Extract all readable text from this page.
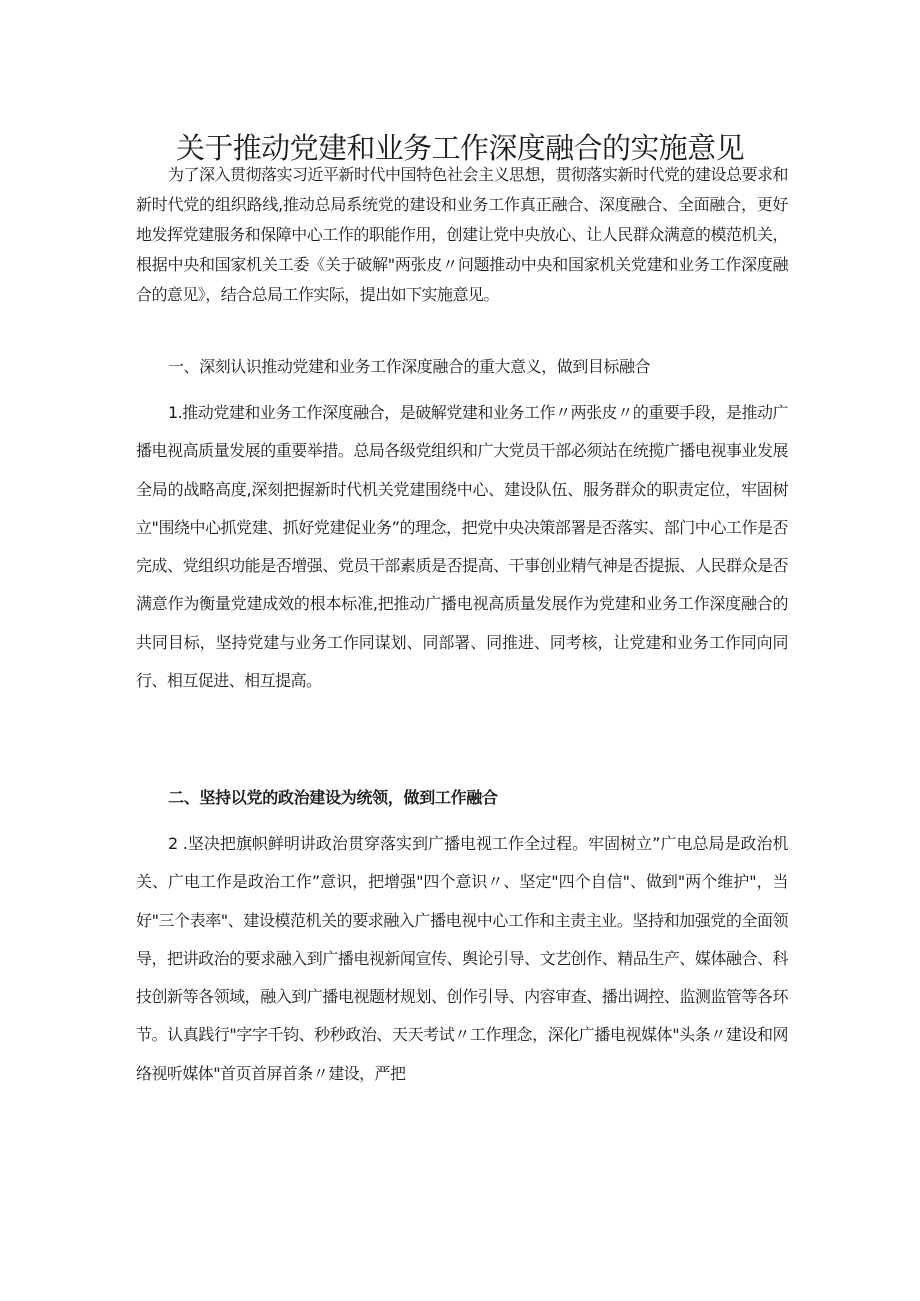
关于推动党建和业务工作深度融合的实施意见

为了深入贯彻落实习近平新时代中国特色社会主义思想，贯彻落实新时代党的建设总要求和新时代党的组织路线,推动总局系统党的建设和业务工作真正融合、深度融合、全面融合，更好地发挥党建服务和保障中心工作的职能作用，创建让党中央放心、让人民群众满意的模范机关，根据中央和国家机关工委《关于破解"两张皮〃问题推动中央和国家机关党建和业务工作深度融合的意见》，结合总局工作实际，提出如下实施意见。

一、深刻认识推动党建和业务工作深度融合的重大意义，做到目标融合

1.推动党建和业务工作深度融合，是破解党建和业务工作〃两张皮〃的重要手段，是推动广播电视高质量发展的重要举措。总局各级党组织和广大党员干部必须站在统揽广播电视事业发展全局的战略高度,深刻把握新时代机关党建围绕中心、建设队伍、服务群众的职责定位，牢固树立"围绕中心抓党建、抓好党建促业务”的理念，把党中央决策部署是否落实、部门中心工作是否完成、党组织功能是否增强、党员干部素质是否提高、干事创业精气神是否提振、人民群众是否满意作为衡量党建成效的根本标准,把推动广播电视高质量发展作为党建和业务工作深度融合的共同目标，坚持党建与业务工作同谋划、同部署、同推进、同考核，让党建和业务工作同向同行、相互促进、相互提高。

二、坚持以党的政治建设为统领，做到工作融合

2 .坚决把旗帜鲜明讲政治贯穿落实到广播电视工作全过程。牢固树立”广电总局是政治机关、广电工作是政治工作”意识，把增强"四个意识〃、坚定"四个自信"、做到"两个维护"，当好"三个表率"、建设模范机关的要求融入广播电视中心工作和主责主业。坚持和加强党的全面领导，把讲政治的要求融入到广播电视新闻宣传、舆论引导、文艺创作、精品生产、媒体融合、科技创新等各领域，融入到广播电视题材规划、创作引导、内容审查、播出调控、监测监管等各环节。认真践行"字字千钧、秒秒政治、天天考试〃工作理念，深化广播电视媒体"头条〃建设和网络视听媒体"首页首屏首条〃建设，严把
